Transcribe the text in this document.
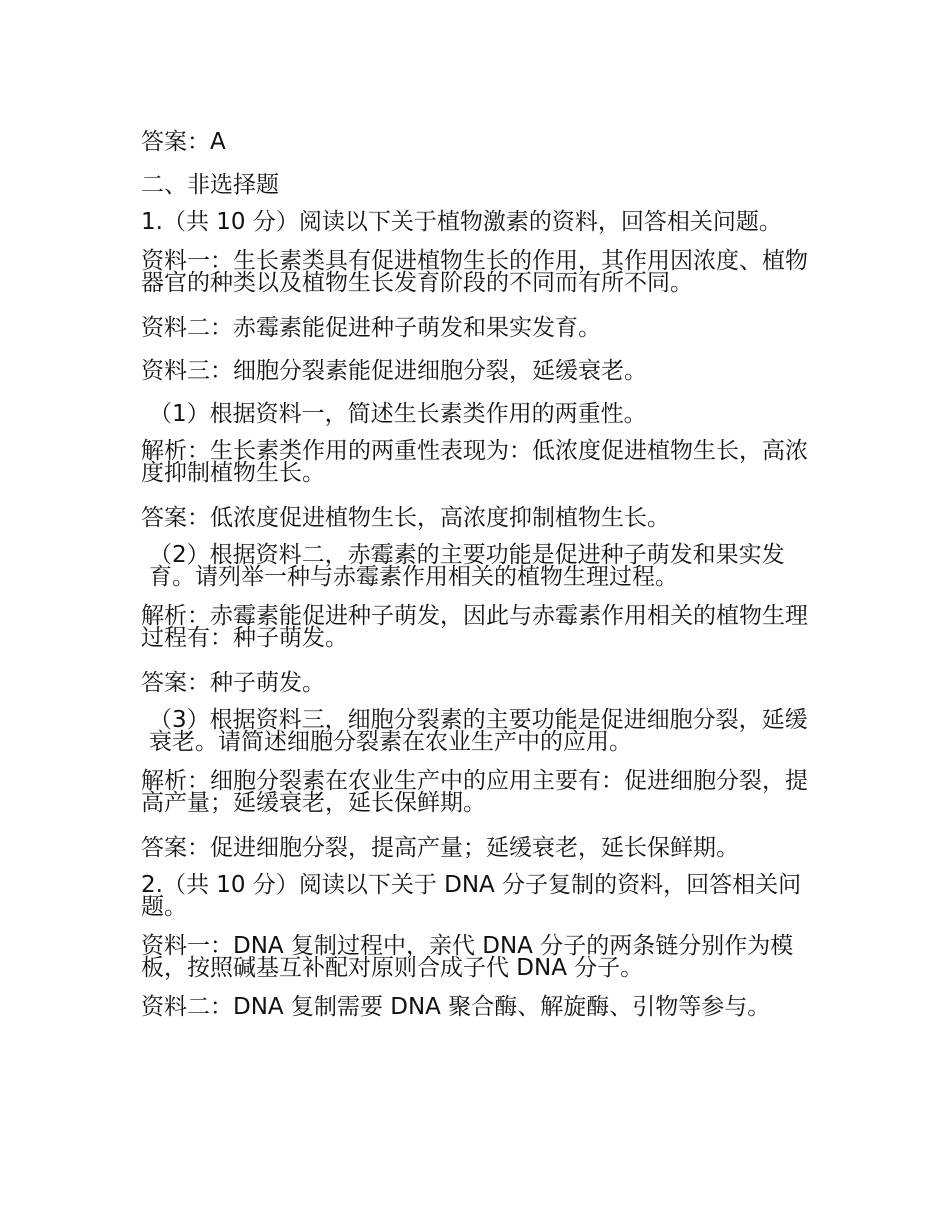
答案：A

二、非选择题

1.（共 10 分）阅读以下关于植物激素的资料，回答相关问题。

资料一：生长素类具有促进植物生长的作用，其作用因浓度、植物器官的种类以及植物生长发育阶段的不同而有所不同。

资料二：赤霉素能促进种子萌发和果实发育。

资料三：细胞分裂素能促进细胞分裂，延缓衰老。

（1）根据资料一，简述生长素类作用的两重性。

解析：生长素类作用的两重性表现为：低浓度促进植物生长，高浓度抑制植物生长。

答案：低浓度促进植物生长，高浓度抑制植物生长。

（2）根据资料二，赤霉素的主要功能是促进种子萌发和果实发育。请列举一种与赤霉素作用相关的植物生理过程。

解析：赤霉素能促进种子萌发，因此与赤霉素作用相关的植物生理过程有：种子萌发。

答案：种子萌发。

（3）根据资料三，细胞分裂素的主要功能是促进细胞分裂，延缓衰老。请简述细胞分裂素在农业生产中的应用。

解析：细胞分裂素在农业生产中的应用主要有：促进细胞分裂，提高产量；延缓衰老，延长保鲜期。

答案：促进细胞分裂，提高产量；延缓衰老，延长保鲜期。

2.（共 10 分）阅读以下关于 DNA 分子复制的资料，回答相关问题。

资料一：DNA 复制过程中，亲代 DNA 分子的两条链分别作为模板，按照碱基互补配对原则合成子代 DNA 分子。

资料二：DNA 复制需要 DNA 聚合酶、解旋酶、引物等参与。
